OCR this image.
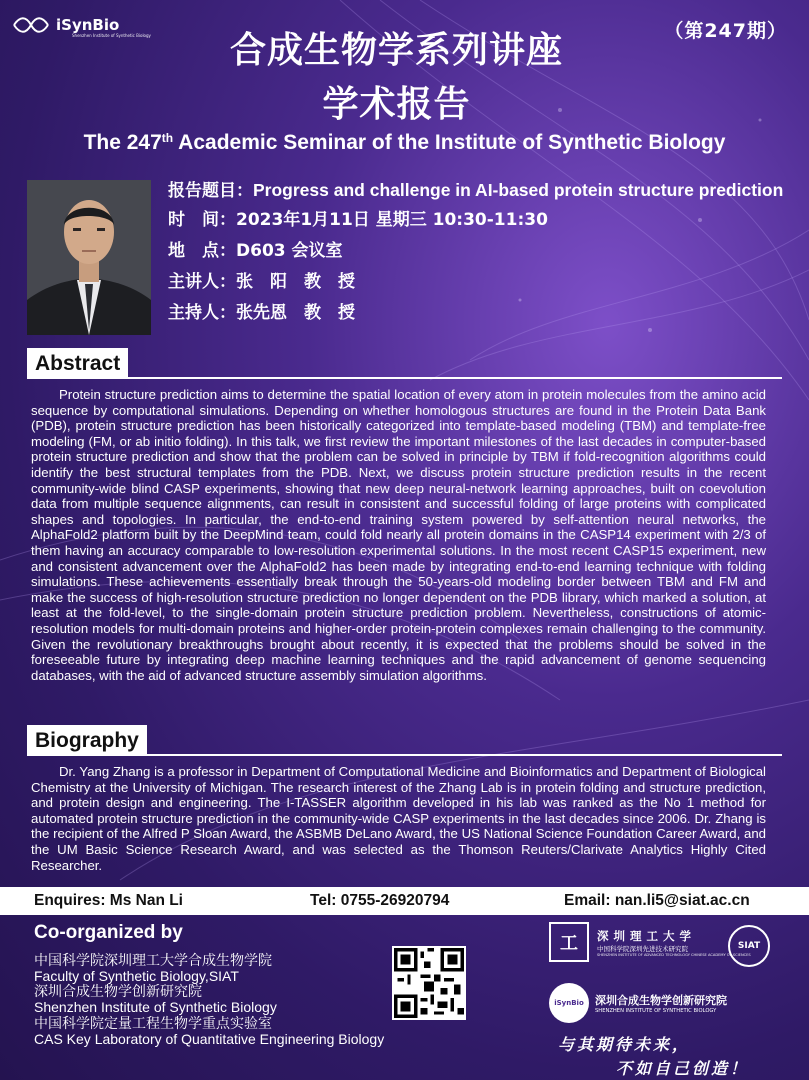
iSynBio
Shenzhen Institute of Synthetic Biology	（第247期）
合成生物学系列讲座
学术报告
The 247th Academic Seminar of the Institute of Synthetic Biology
报告题目：Progress and challenge in AI-based protein structure prediction
时　间： 2023年1月11日 星期三 10:30-11:30
地　点： D603 会议室
主讲人： 张　阳　教　授
主持人： 张先恩　教　授
Abstract
Protein structure prediction aims to determine the spatial location of every atom in protein molecules from the amino acid sequence by computational simulations. Depending on whether homologous structures are found in the Protein Data Bank (PDB), protein structure prediction has been historically categorized into template-based modeling (TBM) and template-free modeling (FM, or ab initio folding). In this talk, we first review the important milestones of the last decades in computer-based protein structure prediction and show that the problem can be solved in principle by TBM if fold-recognition algorithms could identify the best structural templates from the PDB. Next, we discuss protein structure prediction results in the recent community-wide blind CASP experiments, showing that new deep neural-network learning approaches, built on coevolution data from multiple sequence alignments, can result in consistent and successful folding of large proteins with complicated shapes and topologies. In particular, the end-to-end training system powered by self-attention neural networks, the AlphaFold2 platform built by the DeepMind team, could fold nearly all protein domains in the CASP14 experiment with 2/3 of them having an accuracy comparable to low-resolution experimental solutions. In the most recent CASP15 experiment, new and consistent advancement over the AlphaFold2 has been made by integrating end-to-end learning technique with folding simulations. These achievements essentially break through the 50-years-old modeling border between TBM and FM and make the success of high-resolution structure prediction no longer dependent on the PDB library, which marked a solution, at least at the fold-level, to the single-domain protein structure prediction problem. Nevertheless, constructions of atomic-resolution models for multi-domain proteins and higher-order protein-protein complexes remain challenging to the community. Given the revolutionary breakthroughs brought about recently, it is expected that the problems should be solved in the foreseeable future by integrating deep machine learning techniques and the rapid advancement of genome sequencing databases, with the aid of advanced structure assembly simulation algorithms.
Biography
Dr. Yang Zhang is a professor in Department of Computational Medicine and Bioinformatics and Department of Biological Chemistry at the University of Michigan. The research interest of the Zhang Lab is in protein folding and structure prediction, and protein design and engineering. The I-TASSER algorithm developed in his lab was ranked as the No 1 method for automated protein structure prediction in the community-wide CASP experiments in the last decades since 2006. Dr. Zhang is the recipient of the Alfred P Sloan Award, the ASBMB DeLano Award, the US National Science Foundation Career Award, and the UM Basic Science Research Award, and was selected as the Thomson Reuters/Clarivate Analytics Highly Cited Researcher.
Enquires: Ms Nan Li	Tel: 0755-26920794	Email: nan.li5@siat.ac.cn
Co-organized by
中国科学院深圳理工大学合成生物学院
Faculty of Synthetic Biology,SIAT
深圳合成生物学创新研究院
Shenzhen Institute of Synthetic Biology
中国科学院定量工程生物学重点实验室
CAS Key Laboratory of Quantitative Engineering Biology
工	深圳理工大学
中国科学院深圳先进技术研究院
SHENZHEN INSTITUTE OF ADVANCED TECHNOLOGY CHINESE ACADEMY OF SCIENCES
SIAT
iSynBio	深圳合成生物学创新研究院
SHENZHEN INSTITUTE OF SYNTHETIC BIOLOGY
与其期待未来，
不如自己创造！
